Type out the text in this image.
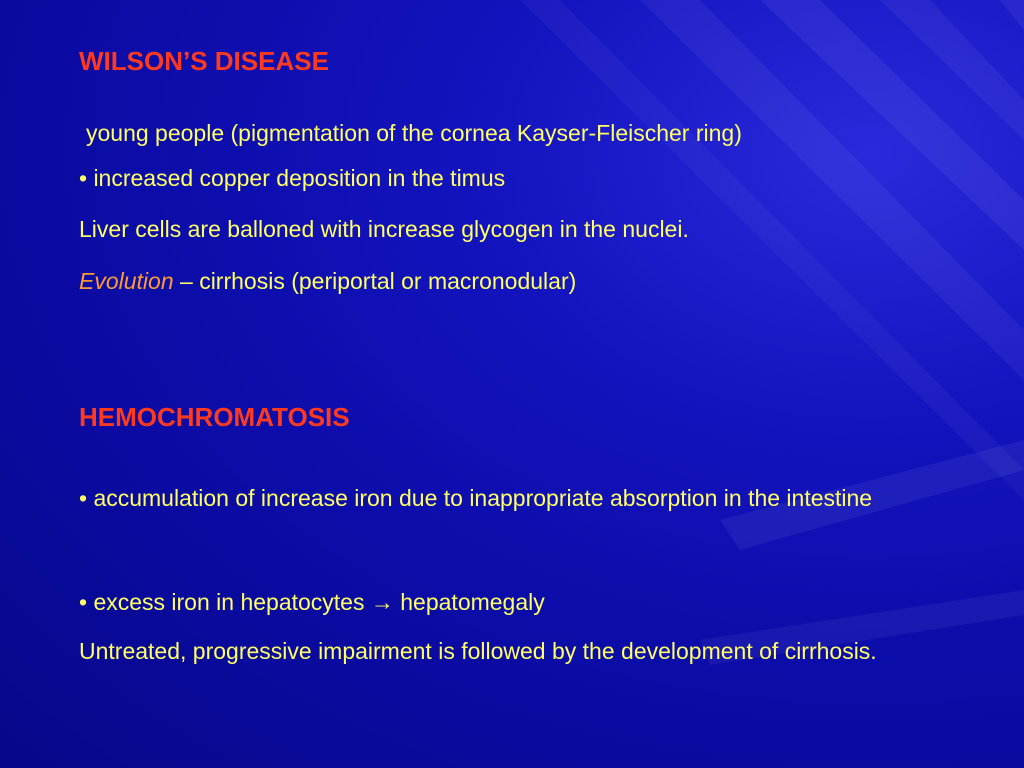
WILSON’S DISEASE
young people (pigmentation of the cornea Kayser-Fleischer ring)
• increased copper deposition in the timus
Liver cells are balloned with increase glycogen in the nuclei.
Evolution – cirrhosis (periportal or macronodular)
HEMOCHROMATOSIS
• accumulation of increase iron due to inappropriate absorption in the intestine
• excess iron in hepatocytes → hepatomegaly
Untreated, progressive impairment is followed by the development of cirrhosis.
